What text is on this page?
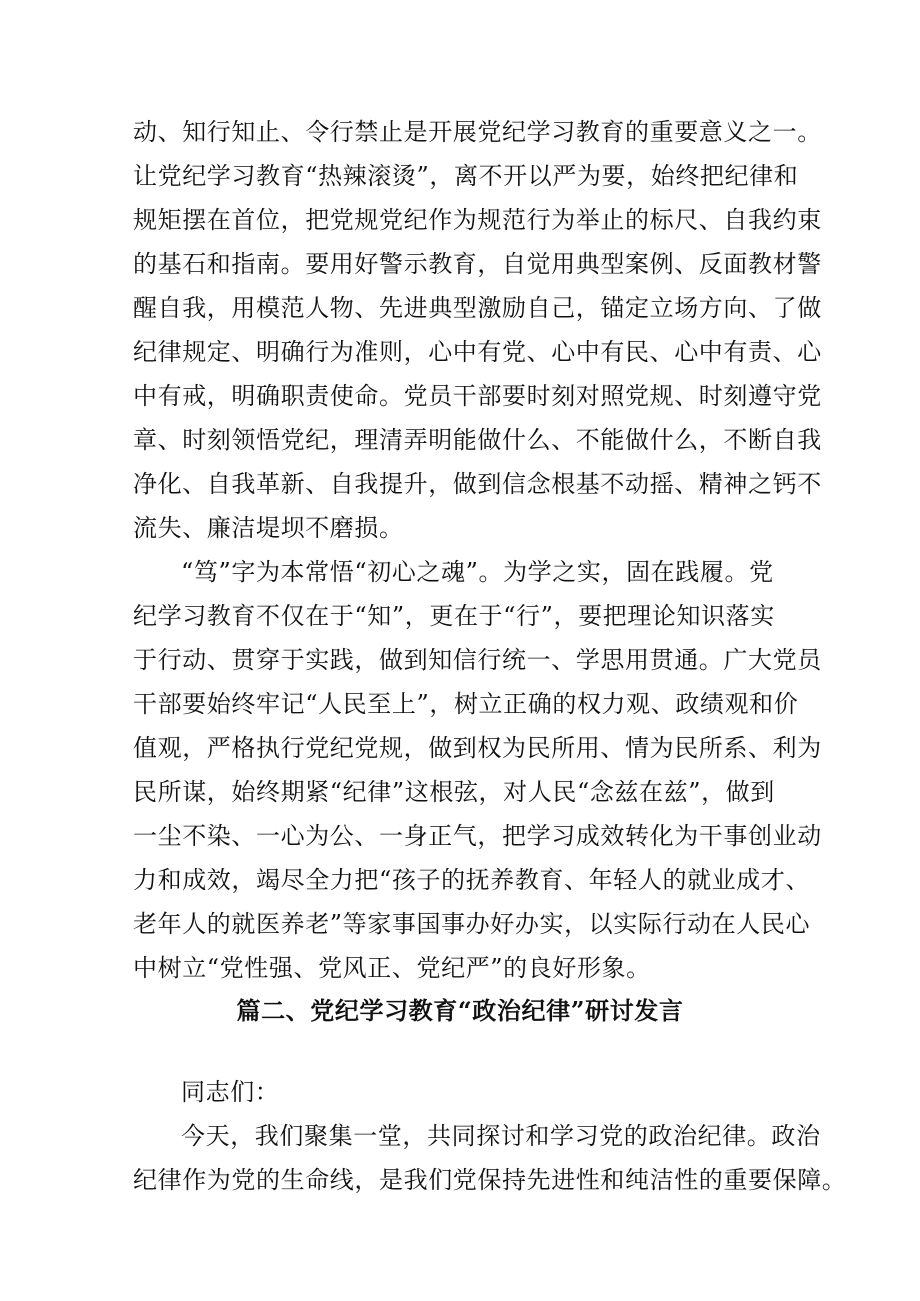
动、知行知止、令行禁止是开展党纪学习教育的重要意义之一。
让党纪学习教育“热辣滚烫”，离不开以严为要，始终把纪律和
规矩摆在首位，把党规党纪作为规范行为举止的标尺、自我约束
的基石和指南。要用好警示教育，自觉用典型案例、反面教材警
醒自我，用模范人物、先进典型激励自己，锚定立场方向、了做
纪律规定、明确行为准则，心中有党、心中有民、心中有责、心
中有戒，明确职责使命。党员干部要时刻对照党规、时刻遵守党
章、时刻领悟党纪，理清弄明能做什么、不能做什么，不断自我
净化、自我革新、自我提升，做到信念根基不动摇、精神之钙不
流失、廉洁堤坝不磨损。
“笃”字为本常悟“初心之魂”。为学之实，固在践履。党
纪学习教育不仅在于“知”，更在于“行”，要把理论知识落实
于行动、贯穿于实践，做到知信行统一、学思用贯通。广大党员
干部要始终牢记“人民至上”，树立正确的权力观、政绩观和价
值观，严格执行党纪党规，做到权为民所用、情为民所系、利为
民所谋，始终期紧“纪律”这根弦，对人民“念兹在兹”，做到
一尘不染、一心为公、一身正气，把学习成效转化为干事创业动
力和成效，竭尽全力把“孩子的抚养教育、年轻人的就业成才、
老年人的就医养老”等家事国事办好办实，以实际行动在人民心
中树立“党性强、党风正、党纪严”的良好形象。
篇二、党纪学习教育“政治纪律”研讨发言
同志们：
今天，我们聚集一堂，共同探讨和学习党的政治纪律。政治
纪律作为党的生命线，是我们党保持先进性和纯洁性的重要保障。
